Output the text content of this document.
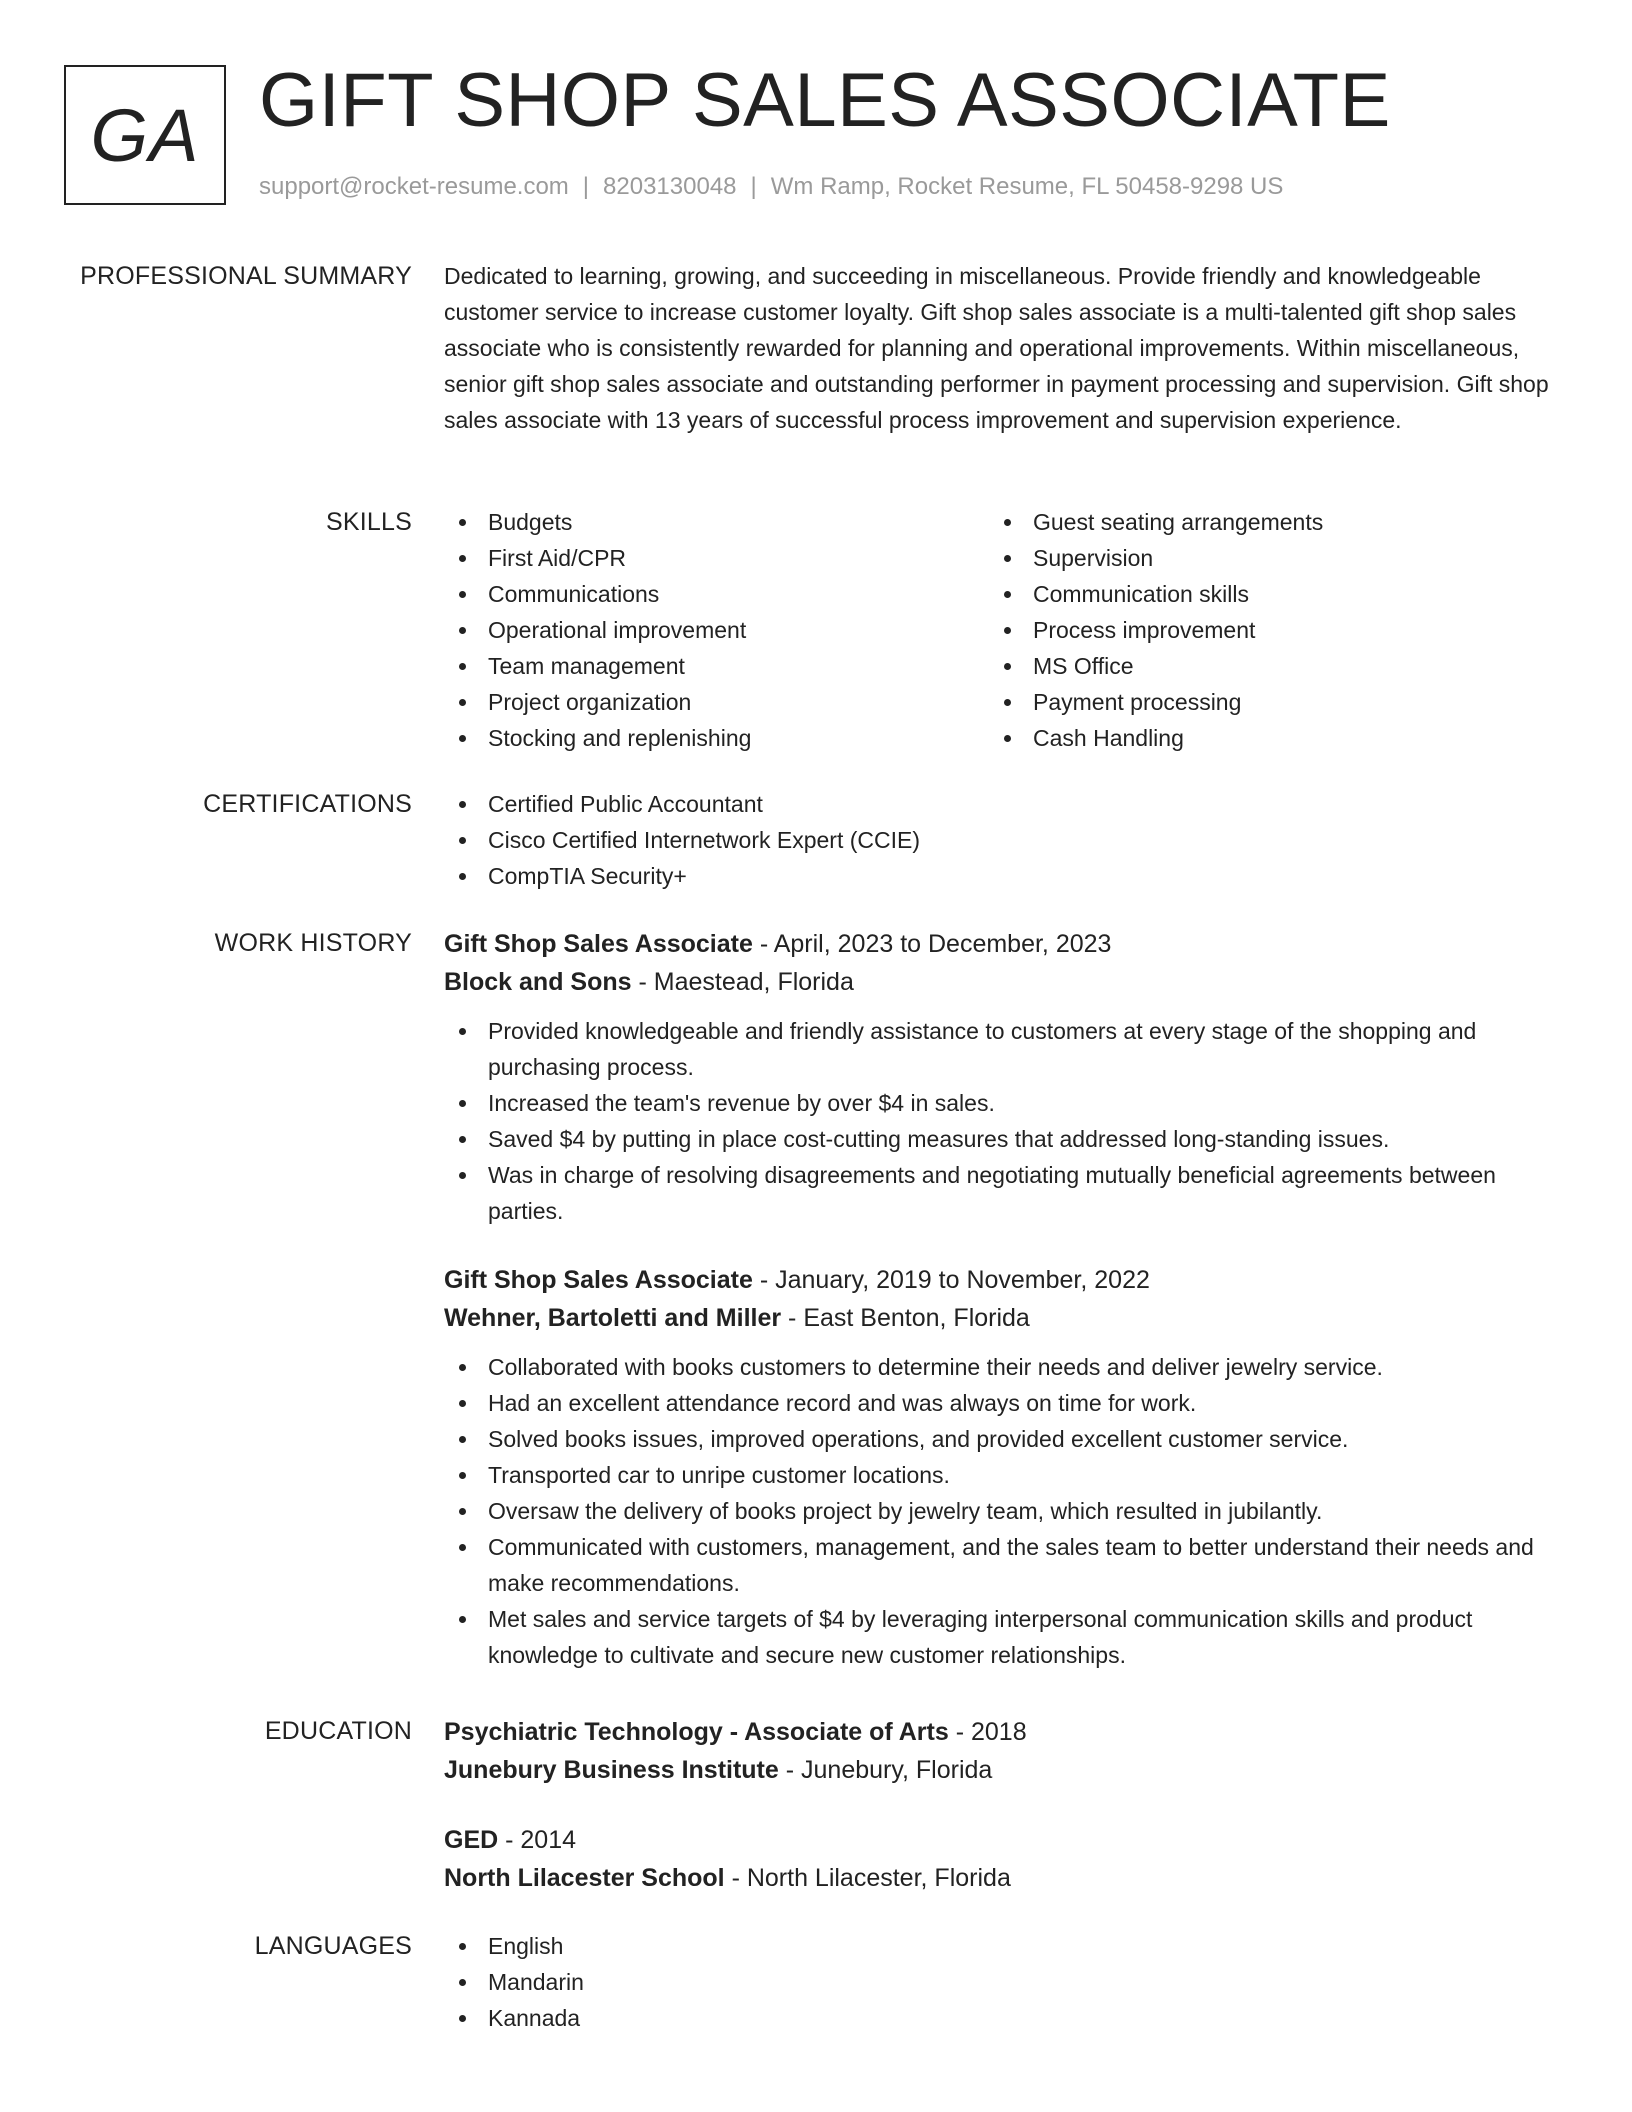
GA GIFT SHOP SALES ASSOCIATE
support@rocket-resume.com | 8203130048 | Wm Ramp, Rocket Resume, FL 50458-9298 US
PROFESSIONAL SUMMARY Dedicated to learning, growing, and succeeding in miscellaneous. Provide friendly and knowledgeable customer service to increase customer loyalty. Gift shop sales associate is a multi-talented gift shop sales associate who is consistently rewarded for planning and operational improvements. Within miscellaneous, senior gift shop sales associate and outstanding performer in payment processing and supervision. Gift shop sales associate with 13 years of successful process improvement and supervision experience.

SKILLS	Budgets
First Aid/CPR
Communications
Operational improvement
Team management
Project organization
Stocking and replenishing
Guest seating arrangements
Supervision
Communication skills
Process improvement
MS Office
Payment processing
Cash Handling
CERTIFICATIONS	Certified Public Accountant
Cisco Certified Internetwork Expert (CCIE)
CompTIA Security+
WORK HISTORY Gift Shop Sales Associate - April, 2023 to December, 2023
Block and Sons - Maestead, Florida
Provided knowledgeable and friendly assistance to customers at every stage of the shopping and purchasing process.
Increased the team's revenue by over $4 in sales.
Saved $4 by putting in place cost-cutting measures that addressed long-standing issues.
Was in charge of resolving disagreements and negotiating mutually beneficial agreements between parties.
Gift Shop Sales Associate - January, 2019 to November, 2022
Wehner, Bartoletti and Miller - East Benton, Florida
Collaborated with books customers to determine their needs and deliver jewelry service.
Had an excellent attendance record and was always on time for work.
Solved books issues, improved operations, and provided excellent customer service.
Transported car to unripe customer locations.
Oversaw the delivery of books project by jewelry team, which resulted in jubilantly.
Communicated with customers, management, and the sales team to better understand their needs and make recommendations.
Met sales and service targets of $4 by leveraging interpersonal communication skills and product knowledge to cultivate and secure new customer relationships.
EDUCATION Psychiatric Technology - Associate of Arts - 2018
Junebury Business Institute - Junebury, Florida
GED - 2014
North Lilacester School - North Lilacester, Florida
LANGUAGES	English
Mandarin
Kannada
